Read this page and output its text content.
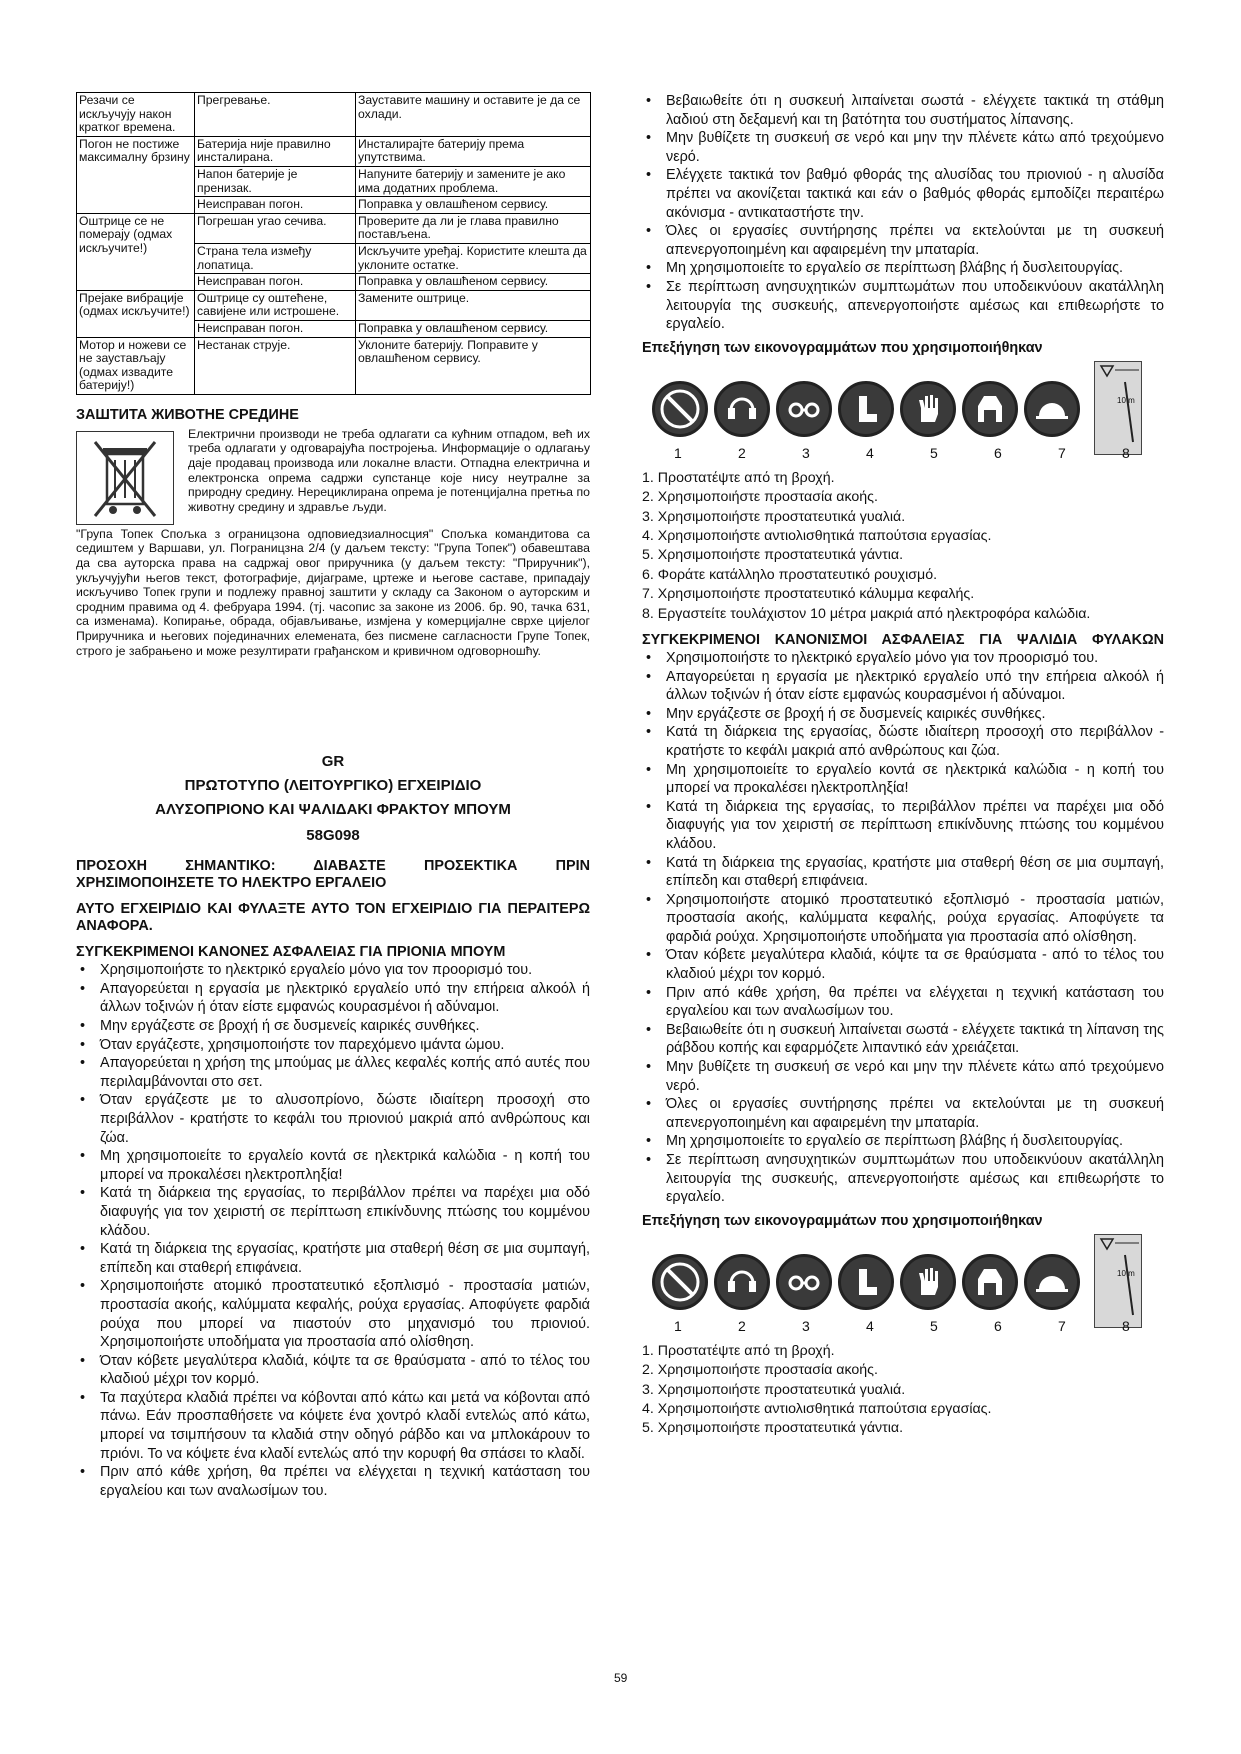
Резачи се искључују након кратког времена.	Прегревање.	Зауставите машину и оставите је да се охлади.
Погон не постиже максималну брзину	Батерија није правилно инсталирана.	Инсталирајте батерију према упутствима.
	Напон батерије је пренизак.	Напуните батерију и замените је ако има додатних проблема.
	Неисправан погон.	Поправка у овлашћеном сервису.
Оштрице се не померају (одмах искључите!)	Погрешан угао сечива.	Проверите да ли је глава правилно постављена.
	Страна тела између лопатица.	Искључите уређај. Користите клешта да уклоните остатке.
	Неисправан погон.	Поправка у овлашћеном сервису.
Прејаке вибрације (одмах искључите!)	Оштрице су оштећене, савијене или истрошене.	Замените оштрице.
	Неисправан погон.	Поправка у овлашћеном сервису.
Мотор и ножеви се не заустављају (одмах извадите батерију!)	Нестанак струје.	Уклоните батерију. Поправите у овлашћеном сервису.
ЗАШТИТА ЖИВОТНЕ СРЕДИНЕ

Електрични производи не треба одлагати са кућним отпадом, већ их треба одлагати у одговарајућа постројења. Информације о одлагању даје продавац производа или локалне власти. Отпадна електрична и електронска опрема садржи супстанце које нису неутралне за природну средину. Нерециклирана опрема је потенцијална претња по животну средину и здравље људи.

"Група Топек Спољка з ограницзона одповиедзиалносция" Спољка командитова са седиштем у Варшави, ул. Пограницзна 2/4 (у даљем тексту: "Група Топек") обавештава да сва ауторска права на садржај овог приручника (у даљем тексту: "Приручник"), укључујући његов текст, фотографије, дијаграме, цртеже и његове саставе, припадају искључиво Топек групи и подлежу правној заштити у складу са Законом о ауторским и сродним правима од 4. фебруара 1994. (тј. часопис за законе из 2006. бр. 90, тачка 631, са изменама). Копирање, обрада, објављивање, измјена у комерцијалне сврхе цијелог Приручника и његових појединачних елемената, без писмене сагласности Групе Топек, строго је забрањено и може резултирати грађанском и кривичном одговорношћу.

GR
ΠΡΩΤΟΤΥΠΟ (ΛΕΙΤΟΥΡΓΙΚΟ) ΕΓΧΕΙΡΙΔΙΟ
ΑΛΥΣΟΠΡΙΟΝΟ ΚΑΙ ΨΑΛΙΔΑΚΙ ΦΡΑΚΤΟΥ ΜΠΟΥΜ
58G098
ΠΡΟΣΟΧΗ ΣΗΜΑΝΤΙΚΟ: ΔΙΑΒΑΣΤΕ ΠΡΟΣΕΚΤΙΚΑ ΠΡΙΝ ΧΡΗΣΙΜΟΠΟΙΗΣΕΤΕ ΤΟ ΗΛΕΚΤΡΟ ΕΡΓΑΛΕΙΟ
ΑΥΤΟ ΕΓΧΕΙΡΙΔΙΟ ΚΑΙ ΦΥΛΑΞΤΕ ΑΥΤΟ ΤΟΝ ΕΓΧΕΙΡΙΔΙΟ ΓΙΑ ΠΕΡΑΙΤΕΡΩ ΑΝΑΦΟΡΑ.
ΣΥΓΚΕΚΡΙΜΕΝΟΙ ΚΑΝΟΝΕΣ ΑΣΦΑΛΕΙΑΣ ΓΙΑ ΠΡΙΟΝΙΑ ΜΠΟΥΜ
• Χρησιμοποιήστε το ηλεκτρικό εργαλείο μόνο για τον προορισμό του.
• Απαγορεύεται η εργασία με ηλεκτρικό εργαλείο υπό την επήρεια αλκοόλ ή άλλων τοξινών ή όταν είστε εμφανώς κουρασμένοι ή αδύναμοι.
• Μην εργάζεστε σε βροχή ή σε δυσμενείς καιρικές συνθήκες.
• Όταν εργάζεστε, χρησιμοποιήστε τον παρεχόμενο ιμάντα ώμου.
• Απαγορεύεται η χρήση της μπούμας με άλλες κεφαλές κοπής από αυτές που περιλαμβάνονται στο σετ.
• Όταν εργάζεστε με το αλυσοπρίονο, δώστε ιδιαίτερη προσοχή στο περιβάλλον - κρατήστε το κεφάλι του πριονιού μακριά από ανθρώπους και ζώα.
• Μη χρησιμοποιείτε το εργαλείο κοντά σε ηλεκτρικά καλώδια - η κοπή του μπορεί να προκαλέσει ηλεκτροπληξία!
• Κατά τη διάρκεια της εργασίας, το περιβάλλον πρέπει να παρέχει μια οδό διαφυγής για τον χειριστή σε περίπτωση επικίνδυνης πτώσης του κομμένου κλάδου.
• Κατά τη διάρκεια της εργασίας, κρατήστε μια σταθερή θέση σε μια συμπαγή, επίπεδη και σταθερή επιφάνεια.
• Χρησιμοποιήστε ατομικό προστατευτικό εξοπλισμό - προστασία ματιών, προστασία ακοής, καλύμματα κεφαλής, ρούχα εργασίας. Αποφύγετε φαρδιά ρούχα που μπορεί να πιαστούν στο μηχανισμό του πριονιού. Χρησιμοποιήστε υποδήματα για προστασία από ολίσθηση.
• Όταν κόβετε μεγαλύτερα κλαδιά, κόψτε τα σε θραύσματα - από το τέλος του κλαδιού μέχρι τον κορμό.
• Τα παχύτερα κλαδιά πρέπει να κόβονται από κάτω και μετά να κόβονται από πάνω. Εάν προσπαθήσετε να κόψετε ένα χοντρό κλαδί εντελώς από κάτω, μπορεί να τσιμπήσουν τα κλαδιά στην οδηγό ράβδο και να μπλοκάρουν το πριόνι. Το να κόψετε ένα κλαδί εντελώς από την κορυφή θα σπάσει το κλαδί.
• Πριν από κάθε χρήση, θα πρέπει να ελέγχεται η τεχνική κατάσταση του εργαλείου και των αναλωσίμων του.
• Βεβαιωθείτε ότι η συσκευή λιπαίνεται σωστά - ελέγχετε τακτικά τη στάθμη λαδιού στη δεξαμενή και τη βατόтητα του συστήματος λίπανσης.
• Μην βυθίζετε τη συσκευή σε νερό και μην την πλένετε κάτω από τρεχούμενο νερό.
• Ελέγχετε τακτικά τον βαθμό φθοράς της αλυσίδας του πριονιού - η αλυσίδα πρέπει να ακονίζεται τακτικά και εάν ο βαθμός φθοράς εμποδίζει περαιτέρω ακόνισμα - αντικαταστήστε την.
• Όλες οι εργασίες συντήρησης πρέπει να εκτελούνται με τη συσκευή απενεργοποιημένη και αφαιρεμένη την μπαταρία.
• Μη χρησιμοποιείτε το εργαλείο σε περίπτωση βλάβης ή δυσλειτουργίας.
• Σε περίπτωση ανησυχητικών συμπτωμάτων που υποδεικνύουν ακατάλληλη λειτουργία της συσκευής, απενεργοποιήστε αμέσως και επιθεωρήστε το εργαλείο.
Επεξήγηση των εικονογραμμάτων που χρησιμοποιήθηκαν
10 m
1	2	3	4	5	6	7	8
1. Προστατέψτε από τη βροχή.
2. Χρησιμοποιήστε προστασία ακοής.
3. Χρησιμοποιήστε προστατευτικά γυαλιά.
4. Χρησιμοποιήστε αντιολισθητικά παπούτσια εργασίας.
5. Χρησιμοποιήστε προστατευτικά γάντια.
6. Φοράτε κατάλληλο προστατευτικό ρουχισμό.
7. Χρησιμοποιήστε προστατευτικό κάλυμμα κεφαλής.
8. Εργαστείτε τουλάχιστον 10 μέτρα μακριά από ηλεκτροφόρα καλώδια.
ΣΥΓΚΕΚΡΙΜΕΝΟΙ ΚΑΝΟΝΙΣΜΟΙ ΑΣΦΑΛΕΙΑΣ ΓΙΑ ΨΑΛΙΔΙΑ ΦΥΛΑΚΩΝ
• Χρησιμοποιήστε το ηλεκτρικό εργαλείο μόνο για τον προορισμό του.
• Απαγορεύεται η εργασία με ηλεκτρικό εργαλείο υπό την επήρεια αλκοόλ ή άλλων τοξινών ή όταν είστε εμφανώς κουρασμένοι ή αδύναμοι.
• Μην εργάζεστε σε βροχή ή σε δυσμενείς καιρικές συνθήκες.
• Κατά τη διάρκεια της εργασίας, δώστε ιδιαίτερη προσοχή στο περιβάλλον - κρατήστε το κεφάλι μακριά από ανθρώπους και ζώα.
• Μη χρησιμοποιείτε το εργαλείο κοντά σε ηλεκτρικά καλώδια - η κοπή του μπορεί να προκαλέσει ηλεκτροπληξία!
• Κατά τη διάρκεια της εργασίας, το περιβάλλον πρέπει να παρέχει μια οδό διαφυγής για τον χειριστή σε περίπτωση επικίνδυνης πτώσης του κομμένου κλάδου.
• Κατά τη διάρκεια της εργασίας, κρατήστε μια σταθερή θέση σε μια συμπαγή, επίπεδη και σταθερή επιφάνεια.
• Χρησιμοποιήστε ατομικό προστατευτικό εξοπλισμό - προστασία ματιών, προστασία ακοής, καλύμματα κεφαλής, ρούχα εργασίας. Αποφύγετε τα φαρδιά ρούχα. Χρησιμοποιήστε υποδήματα για προστασία από ολίσθηση.
• Όταν κόβετε μεγαλύτερα κλαδιά, κόψτε τα σε θραύσματα - από το τέλος του κλαδιού μέχρι τον κορμό.
• Πριν από κάθε χρήση, θα πρέπει να ελέγχεται η τεχνική κατάσταση του εργαλείου και των αναλωσίμων του.
• Βεβαιωθείτε ότι η συσκευή λιπαίνεται σωστά - ελέγχετε τακτικά τη λίπανση της ράβδου κοπής και εφαρμόζετε λιπαντικό εάν χρειάζεται.
• Μην βυθίζετε τη συσκευή σε νερό και μην την πλένετε κάτω από τρεχούμενο νερό.
• Όλες οι εργασίες συντήρησης πρέπει να εκτελούνται με τη συσκευή απενεργοποιημένη και αφαιρεμένη την μπαταρία.
• Μη χρησιμοποιείτε το εργαλείο σε περίπτωση βλάβης ή δυσλειτουργίας.
• Σε περίπτωση ανησυχητικών συμπτωμάτων που υποδεικνύουν ακατάλληλη λειτουργία της συσκευής, απενεργοποιήστε αμέσως και επιθεωρήστε το εργαλείο.
Επεξήγηση των εικονογραμμάτων που χρησιμοποιήθηκαν
10 m
1	2	3	4	5	6	7	8
1. Προστατέψτε από τη βροχή.
2. Χρησιμοποιήστε προστασία ακοής.
3. Χρησιμοποιήστε προστατευτικά γυαλιά.
4. Χρησιμοποιήστε αντιολισθητικά παπούτσια εργασίας.
5. Χρησιμοποιήστε προστατευτικά γάντια.
59
